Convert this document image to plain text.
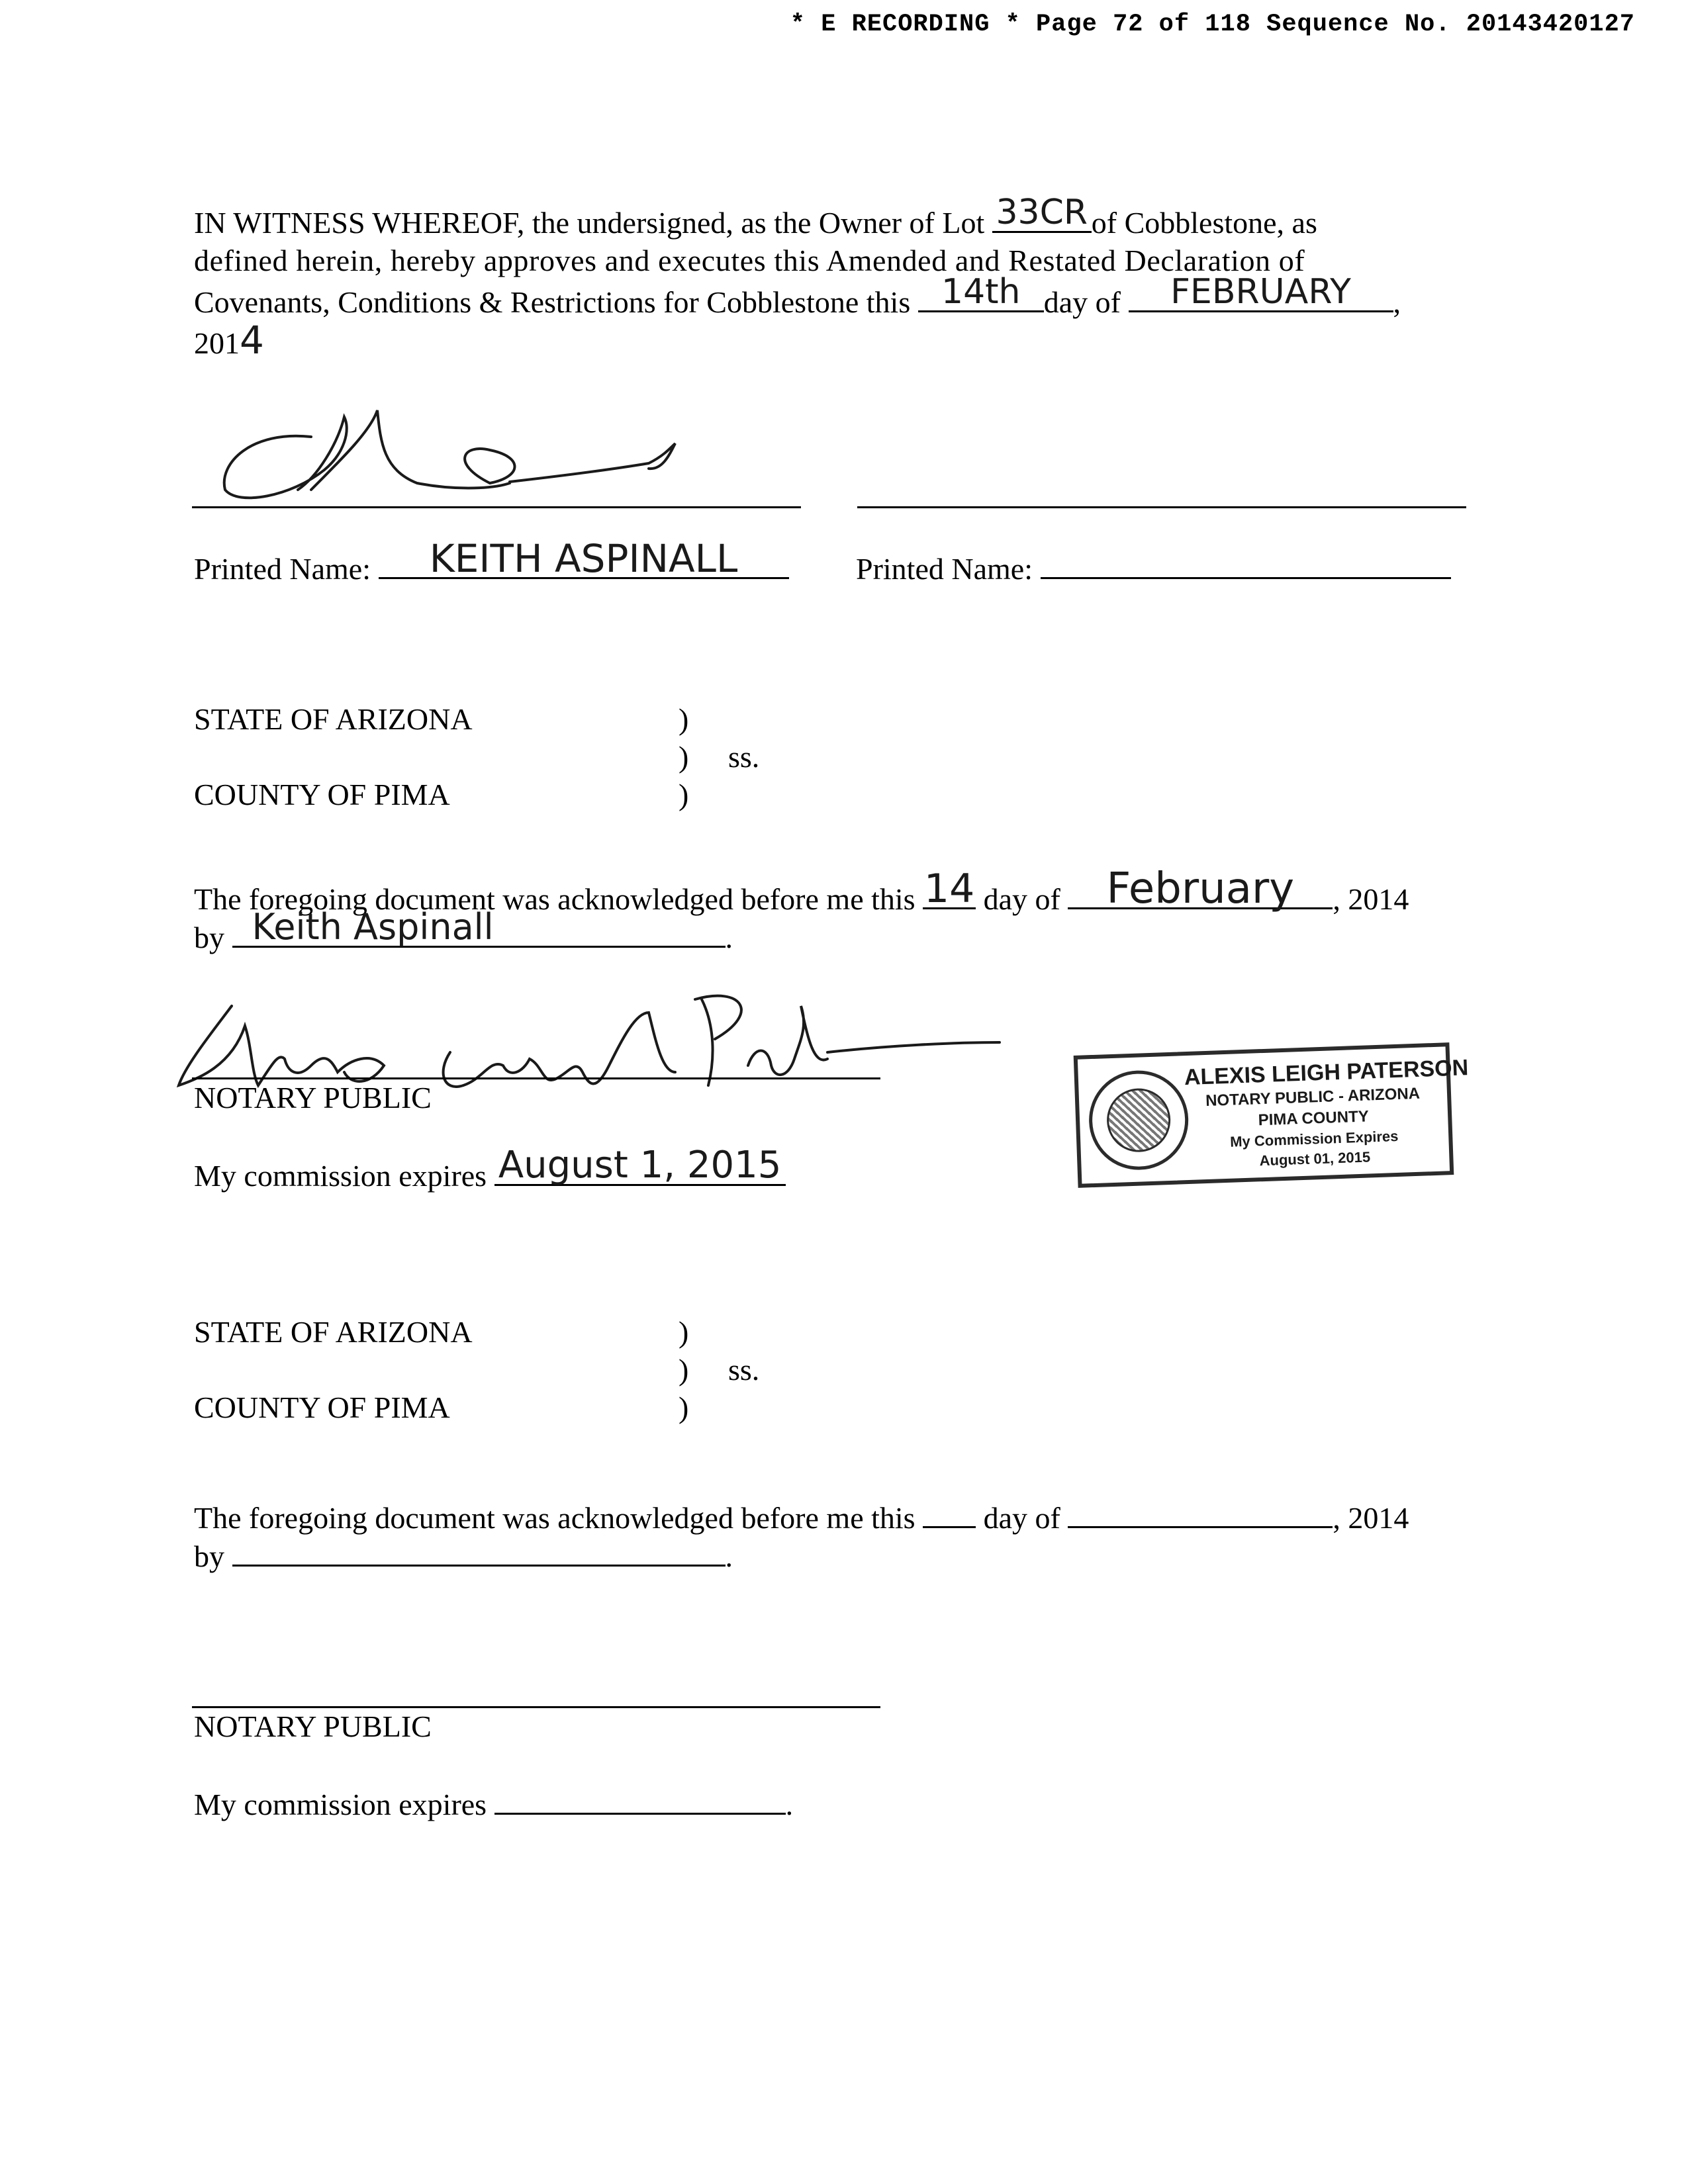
* E RECORDING * Page 72 of 118 Sequence No. 20143420127
IN WITNESS WHEREOF, the undersigned, as the Owner of Lot 33CR of Cobblestone, as
defined herein, hereby approves and executes this Amended and Restated Declaration of
Covenants, Conditions & Restrictions for Cobblestone this 14th day of	FEBRUARY	,
2014
Printed Name:	KEITH ASPINALL	Printed Name:
STATE OF ARIZONA	)
) ss.
)
COUNTY OF PIMA
The foregoing document was acknowledged before me this 14 day of	February	, 2014
by Keith Aspinall	.
NOTARY PUBLIC
My commission expires August 1, 2015
ALEXIS LEIGH PATERSON
NOTARY PUBLIC - ARIZONA
PIMA COUNTY
My Commission Expires
August 01, 2015
STATE OF ARIZONA	)
) ss.
)
COUNTY OF PIMA
The foregoing document was acknowledged before me this day of	, 2014
by	.
NOTARY PUBLIC
My commission expires	.
